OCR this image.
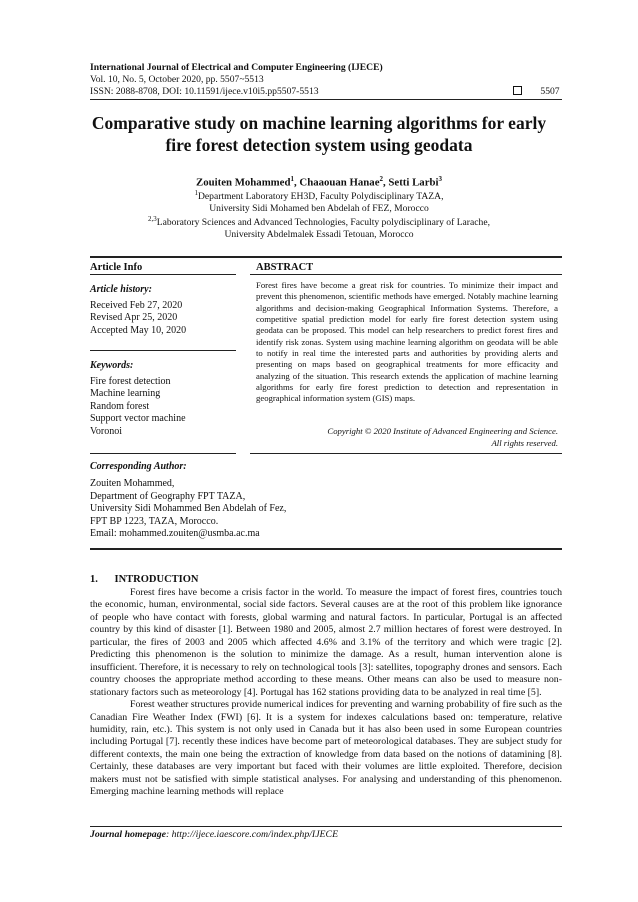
International Journal of Electrical and Computer Engineering (IJECE)
Vol. 10, No. 5, October 2020, pp. 5507~5513
ISSN: 2088-8708, DOI: 10.11591/ijece.v10i5.pp5507-5513	5507
Comparative study on machine learning algorithms for early
fire forest detection system using geodata
Zouiten Mohammed$^1$, Chaaouan Hanae$^2$, Setti Larbi$^3$
$^1$Department Laboratory EH3D, Faculty Polydisciplinary TAZA,
University Sidi Mohamed ben Abdelah of FEZ, Morocco
$^{2,3}$Laboratory Sciences and Advanced Technologies, Faculty polydisciplinary of Larache,
University Abdelmalek Essadi Tetouan, Morocco
Article Info
Article history:
Received Feb 27, 2020
Revised Apr 25, 2020
Accepted May 10, 2020
Keywords:
Fire forest detection
Machine learning
Random forest
Support vector machine
Voronoi
ABSTRACT
Forest fires have become a great risk for countries. To minimize their impact and prevent this phenomenon, scientific methods have emerged. Notably machine learning algorithms and decision-making Geographical Information Systems. Therefore, a competitive spatial prediction model for early fire forest detection system using geodata can be proposed. This model can help researchers to predict forest fires and identify risk zonas. System using machine learning algorithm on geodata will be able to notify in real time the interested parts and authorities by providing alerts and presenting on maps based on geographical treatments for more efficacity and analyzing of the situation. This research extends the application of machine learning algorithms for early fire forest prediction to detection and representation in geographical information system (GIS) maps.
Copyright © 2020 Institute of Advanced Engineering and Science.
All rights reserved.
Corresponding Author:
Zouiten Mohammed,
Department of Geography FPT TAZA,
University Sidi Mohammed Ben Abdelah of Fez,
FPT BP 1223, TAZA, Morocco.
Email: mohammed.zouiten@usmba.ac.ma
1. INTRODUCTION

Forest fires have become a crisis factor in the world. To measure the impact of forest fires, countries touch the economic, human, environmental, social side factors. Several causes are at the root of this problem like ignorance of people who have contact with forests, global warming and natural factors. In particular, Portugal is an affected country by this kind of disaster [1]. Between 1980 and 2005, almost 2.7 million hectares of forest were destroyed. In particular, the fires of 2003 and 2005 which affected 4.6% and 3.1% of the territory and which were tragic [2]. Predicting this phenomenon is the solution to minimize the damage. As a result, human intervention alone is insufficient. Therefore, it is necessary to rely on technological tools [3]: satellites, topography drones and sensors. Each country chooses the appropriate method according to these means. Other means can also be used to measure non-stationary factors such as meteorology [4]. Portugal has 162 stations providing data to be analyzed in real time [5].

Forest weather structures provide numerical indices for preventing and warning probability of fire such as the Canadian Fire Weather Index (FWI) [6]. It is a system for indexes calculations based on: temperature, relative humidity, rain, etc.). This system is not only used in Canada but it has also been used in some European countries including Portugal [7]. recently these indices have become part of meteorological databases. They are subject study for different contexts, the main one being the extraction of knowledge from data based on the notions of datamining [8]. Certainly, these databases are very important but faced with their volumes are little exploited. Therefore, decision makers must not be satisfied with simple statistical analyses. For analysing and understanding of this phenomenon. Emerging machine learning methods will replace

Journal homepage: http://ijece.iaescore.com/index.php/IJECE
